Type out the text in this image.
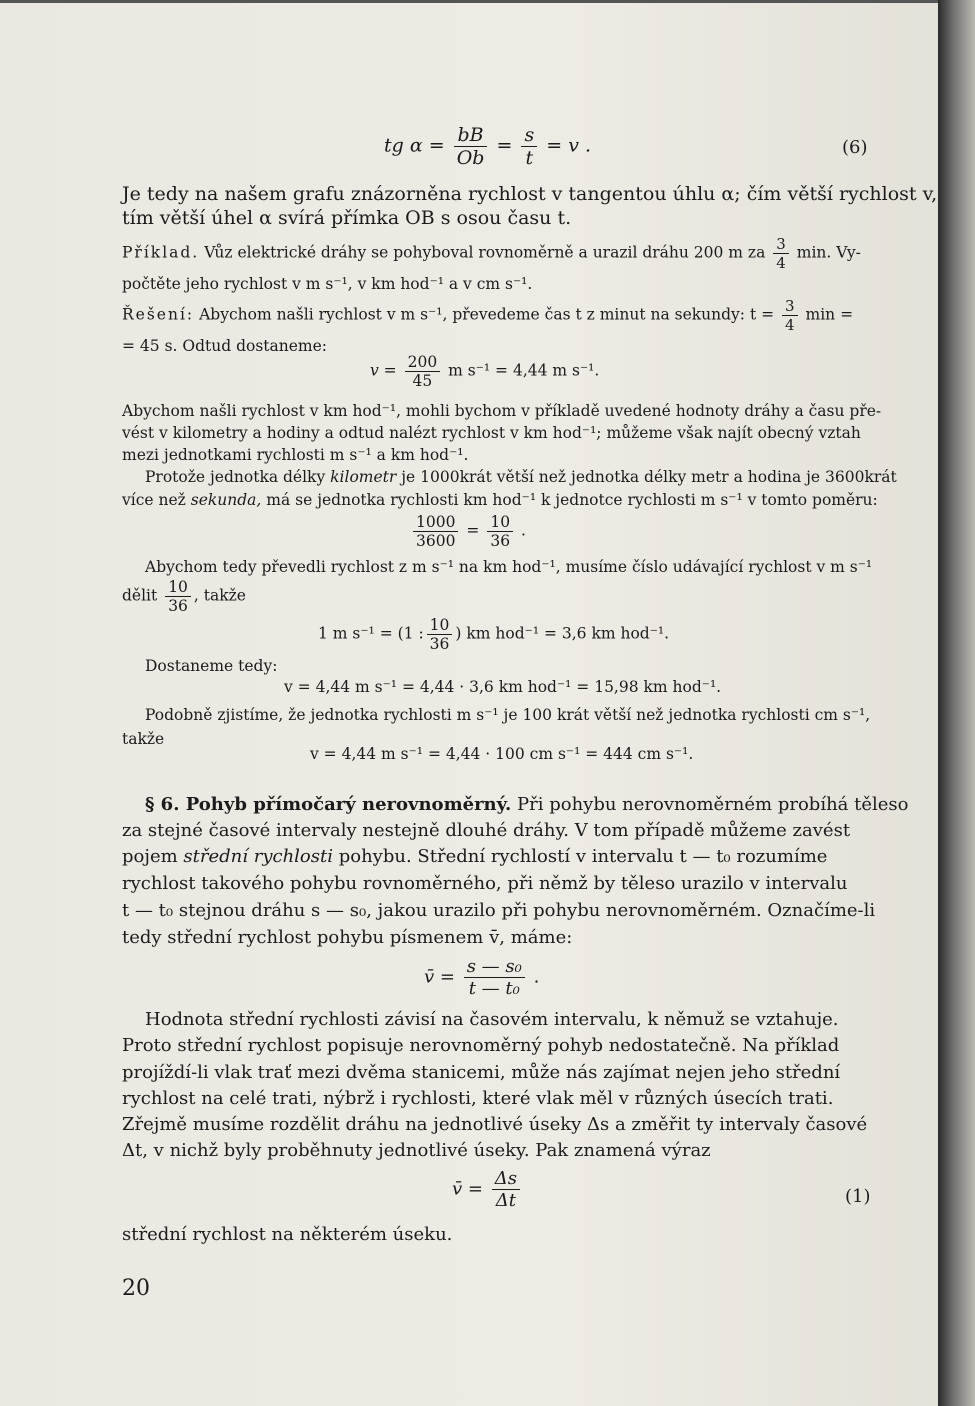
tg $\alpha = \frac{bB}{Ob} = \frac{s}{t} = v$ .	(6)
Je tedy na našem grafu znázorněna rychlost v tangentou úhlu α; čím větší rychlost v,
tím větší úhel α svírá přímka OB s osou času t.
Příklad. Vůz elektrické dráhy se pohyboval rovnoměrně a urazil dráhu 200 m za $\frac{3}{4} \min$. Vy-
počtěte jeho rychlost v m s⁻¹, v km hod⁻¹ a v cm s⁻¹.
Řešení: Abychom našli rychlost v m s⁻¹, převedeme čas t z minut na sekundy: $t = \frac{3}{4}$ min =
= 45 s. Odtud dostaneme:
$v = \frac{200}{45}$ m s⁻¹ = 4,44 m s⁻¹.
Abychom našli rychlost v km hod⁻¹, mohli bychom v příkladě uvedené hodnoty dráhy a času pře-
vést v kilometry a hodiny a odtud nalézt rychlost v km hod⁻¹; můžeme však najít obecný vztah
mezi jednotkami rychlosti m s⁻¹ a km hod⁻¹.
Protože jednotka délky kilometr je 1000krát větší než jednotka délky metr a hodina je 3600krát
více než sekunda, má se jednotka rychlosti km hod⁻¹ k jednotce rychlosti m s⁻¹ v tomto poměru:
$\frac{1000}{3600} = \frac{10}{36}$ .
Abychom tedy převedli rychlost z m s⁻¹ na km hod⁻¹, musíme číslo udávající rychlost v m s⁻¹
dělit $\frac{10}{36}$ , takže
1 m s⁻¹ = (1 : $\frac{10}{36}$ ) km hod⁻¹ = 3,6 km hod⁻¹.
Dostaneme tedy:
v = 4,44 m s⁻¹ = 4,44 · 3,6 km hod⁻¹ = 15,98 km hod⁻¹.
Podobně zjistíme, že jednotka rychlosti m s⁻¹ je 100 krát větší než jednotka rychlosti cm s⁻¹,
takže
v = 4,44 m s⁻¹ = 4,44 · 100 cm s⁻¹ = 444 cm s⁻¹.
§ 6. Pohyb přímočarý nerovnoměrný. Při pohybu nerovnoměrném probíhá těleso
za stejné časové intervaly nestejně dlouhé dráhy. V tom případě můžeme zavést
pojem střední rychlosti pohybu. Střední rychlostí v intervalu t — t₀ rozumíme
rychlost takového pohybu rovnoměrného, při němž by těleso urazilo v intervalu
t — t₀ stejnou dráhu s — s₀, jakou urazilo při pohybu nerovnoměrném. Označíme-li
tedy střední rychlost pohybu písmenem v̄, máme:
v̄ = $\frac{\text{s — s₀}}{\text{t — t₀}}$ .
Hodnota střední rychlosti závisí na časovém intervalu, k němuž se vztahuje.
Proto střední rychlost popisuje nerovnoměrný pohyb nedostatečně. Na příklad
projíždí-li vlak trať mezi dvěma stanicemi, může nás zajímat nejen jeho střední
rychlost na celé trati, nýbrž i rychlosti, které vlak měl v různých úsecích trati.
Zřejmě musíme rozdělit dráhu na jednotlivé úseky Δs a změřit ty intervaly časové
Δt, v nichž byly proběhnuty jednotlivé úseky. Pak znamená výraz
v̄ = $\frac{\Delta s}{\Delta t}$	(1)
střední rychlost na některém úseku.
20
